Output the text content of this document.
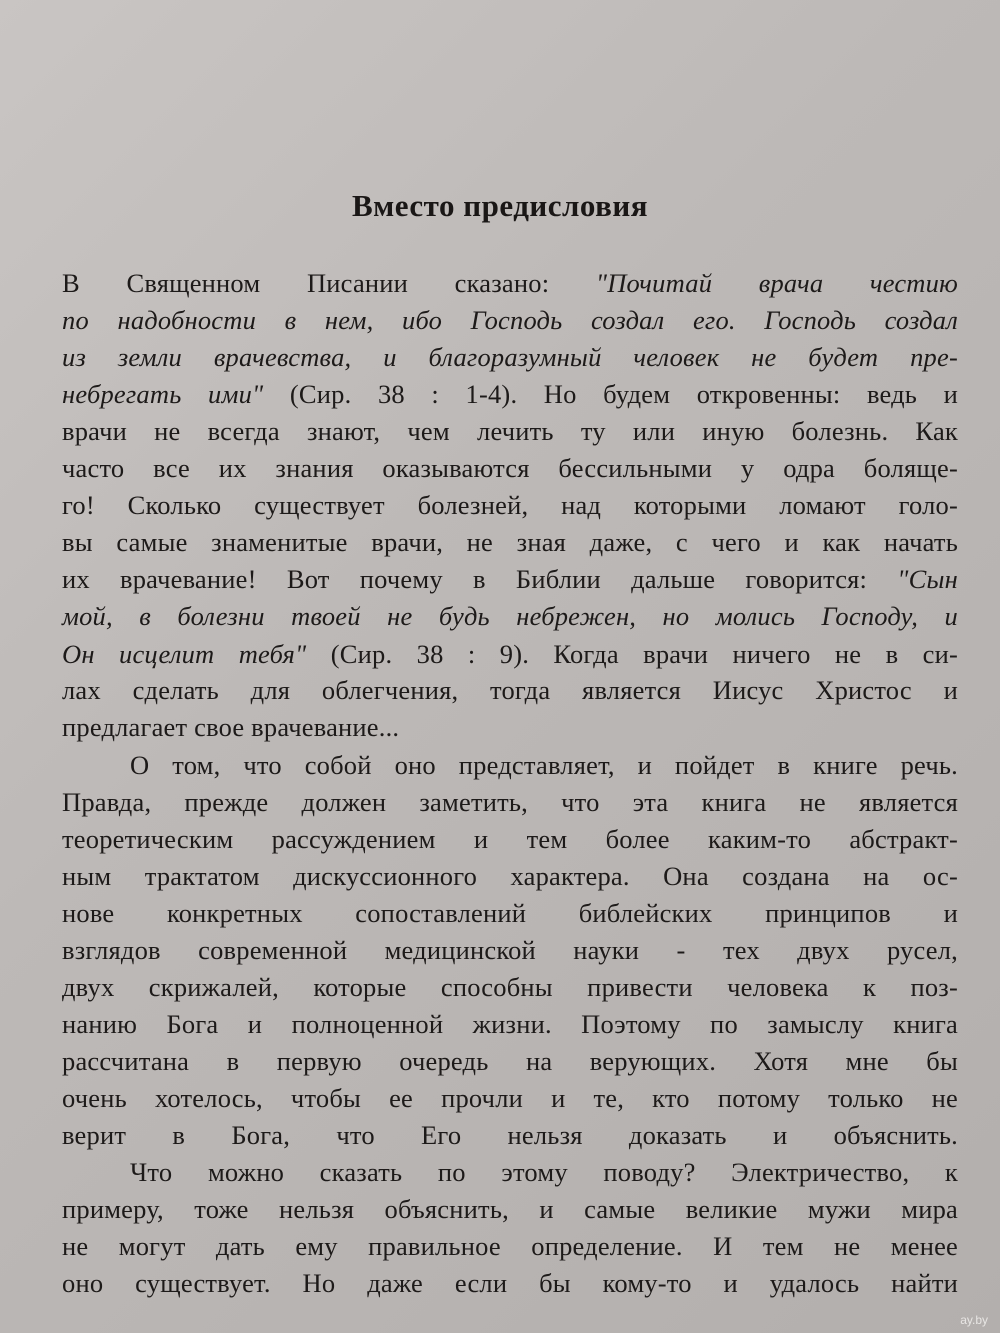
Вместо предисловия
В Священном Писании сказано: "Почитай врача честию
по надобности в нем, ибо Господь создал его. Господь создал
из земли врачевства, и благоразумный человек не будет пре-
небрегать ими" (Сир. 38 : 1-4). Но будем откровенны: ведь и
врачи не всегда знают, чем лечить ту или иную болезнь. Как
часто все их знания оказываются бессильными у одра болящe-
го! Сколько существует болезней, над которыми ломают голо-
вы самые знаменитые врачи, не зная даже, с чего и как начать
их врачевание! Вот почему в Библии дальше говорится: "Сын
мой, в болезни твоей не будь небрежен, но молись Господу, и
Он исцелит тебя" (Сир. 38 : 9). Когда врачи ничего не в си-
лах сделать для облегчения, тогда является Иисус Христос и
предлагает свое врачевание...
О том, что собой оно представляет, и пойдет в книге речь.
Правда, прежде должен заметить, что эта книга не является
теоретическим рассуждением и тем более каким-то абстракт-
ным трактатом дискуссионного характера. Она создана на ос-
нове конкретных сопоставлений библейских принципов и
взглядов современной медицинской науки - тех двух русел,
двух скрижалей, которые способны привести человека к поз-
нанию Бога и полноценной жизни. Поэтому по замыслу книга
рассчитана в первую очередь на верующих. Хотя мне бы
очень хотелось, чтобы ее прочли и те, кто потому только не
верит в Бога, что Его нельзя доказать и объяснить.
Что можно сказать по этому поводу? Электричество, к
примеру, тоже нельзя объяснить, и самые великие мужи мира
не могут дать ему правильное определение. И тем не менее
оно существует. Но даже если бы кому-то и удалось найти
ay.by
